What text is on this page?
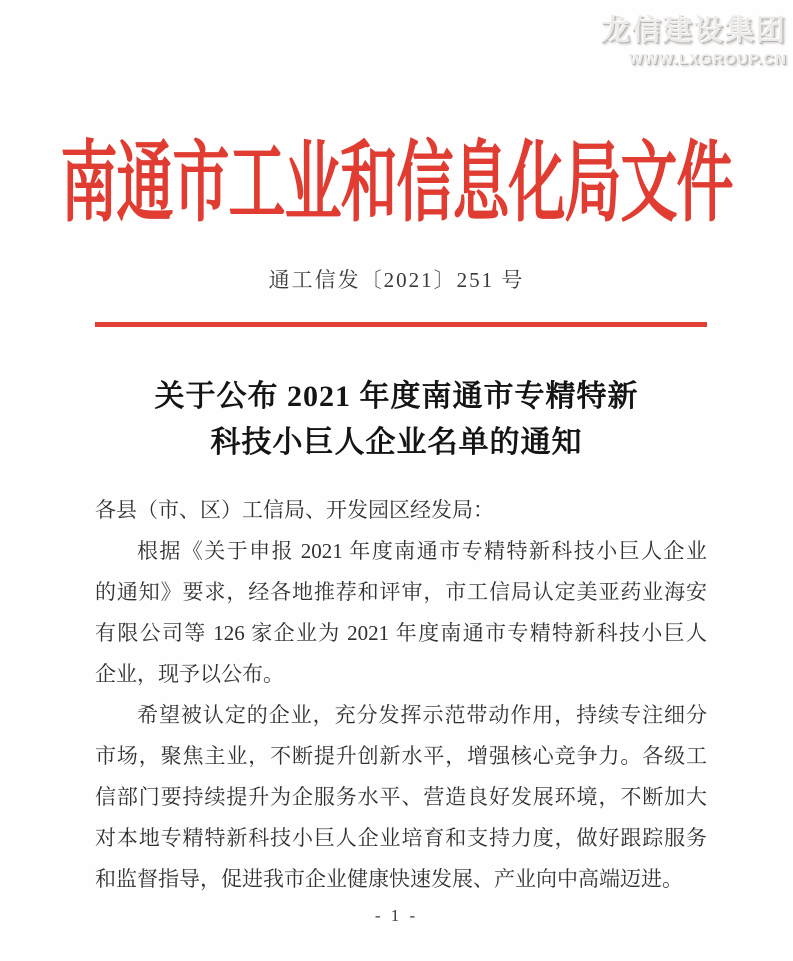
龙信建设集团
WWW.LXGROUP.CN
南通市工业和信息化局文件
通工信发〔2021〕251 号
关于公布 2021 年度南通市专精特新
科技小巨人企业名单的通知
各县（市、区）工信局、开发园区经发局：
根据《关于申报 2021 年度南通市专精特新科技小巨人企业
的通知》要求，经各地推荐和评审，市工信局认定美亚药业海安
有限公司等 126 家企业为 2021 年度南通市专精特新科技小巨人
企业，现予以公布。
希望被认定的企业，充分发挥示范带动作用，持续专注细分
市场，聚焦主业，不断提升创新水平，增强核心竞争力。各级工
信部门要持续提升为企服务水平、营造良好发展环境，不断加大
对本地专精特新科技小巨人企业培育和支持力度，做好跟踪服务
和监督指导，促进我市企业健康快速发展、产业向中高端迈进。
- 1 -
